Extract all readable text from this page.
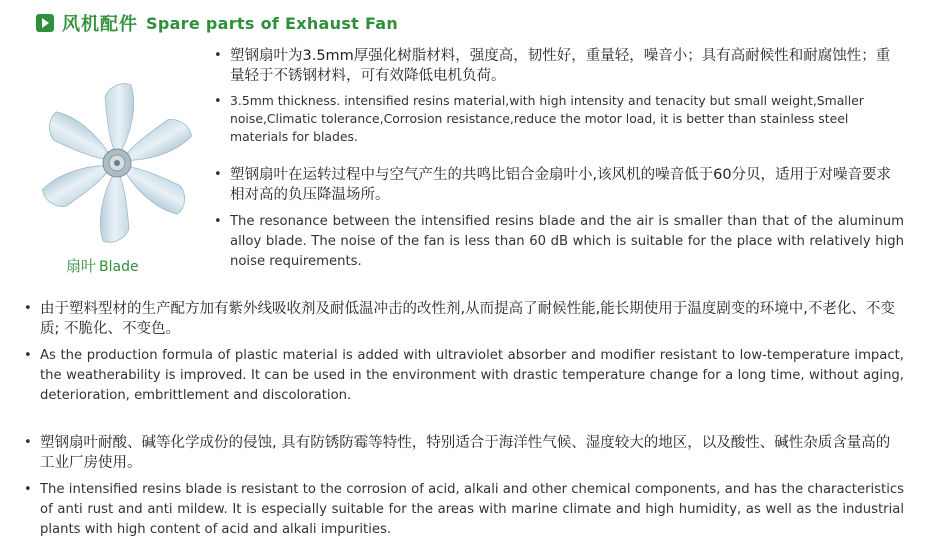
风机配件 Spare parts of Exhaust Fan
扇叶 Blade
• 塑钢扇叶为3.5mm厚强化树脂材料，强度高，韧性好，重量轻，噪音小；具有高耐候性和耐腐蚀性；重量轻于不锈钢材料，可有效降低电机负荷。
• 3.5mm thickness. intensified resins material,with high intensity and tenacity but small weight,Smaller noise,Climatic tolerance,Corrosion resistance,reduce the motor load, it is better than stainless steel materials for blades.
• 塑钢扇叶在运转过程中与空气产生的共鸣比铝合金扇叶小,该风机的噪音低于60分贝，适用于对噪音要求相对高的负压降温场所。
• The resonance between the intensified resins blade and the air is smaller than that of the aluminum alloy blade. The noise of the fan is less than 60 dB which is suitable for the place with relatively high noise requirements.
• 由于塑料型材的生产配方加有紫外线吸收剂及耐低温冲击的改性剂,从而提高了耐候性能,能长期使用于温度剧变的环境中,不老化、不变质; 不脆化、不变色。
• As the production formula of plastic material is added with ultraviolet absorber and modifier resistant to low-temperature impact, the weatherability is improved. It can be used in the environment with drastic temperature change for a long time, without aging, deterioration, embrittlement and discoloration.
• 塑钢扇叶耐酸、碱等化学成份的侵蚀, 具有防锈防霉等特性，特别适合于海洋性气候、湿度较大的地区，以及酸性、碱性杂质含量高的工业厂房使用。
• The intensified resins blade is resistant to the corrosion of acid, alkali and other chemical components, and has the characteristics of anti rust and anti mildew. It is especially suitable for the areas with marine climate and high humidity, as well as the industrial plants with high content of acid and alkali impurities.
